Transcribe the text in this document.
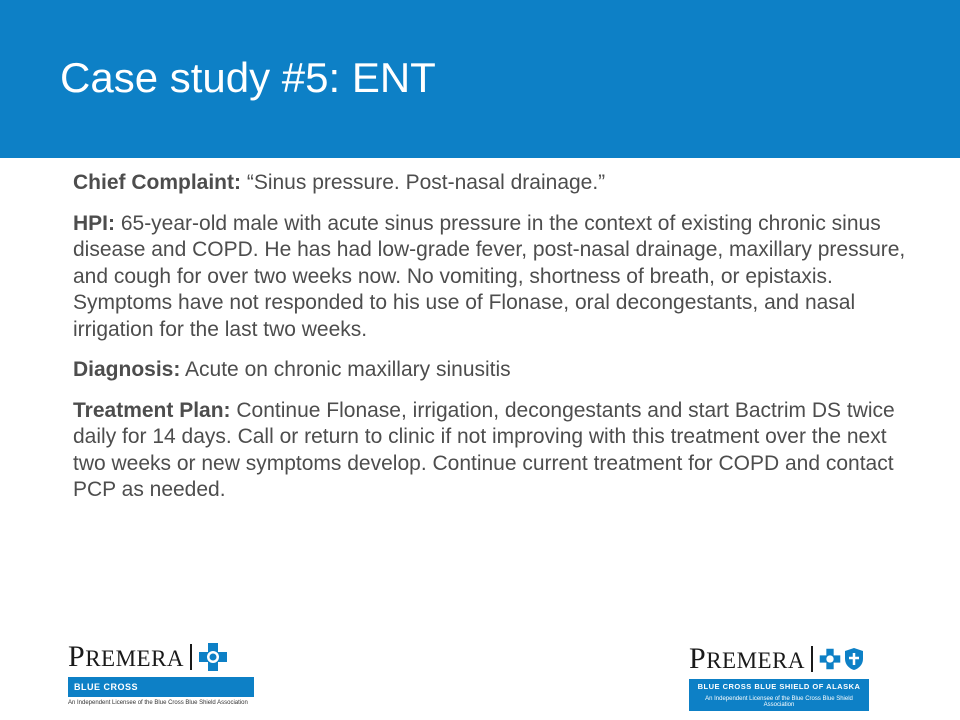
Case study #5: ENT

Chief Complaint: “Sinus pressure. Post-nasal drainage.”

HPI: 65-year-old male with acute sinus pressure in the context of existing chronic sinus disease and COPD. He has had low-grade fever, post-nasal drainage, maxillary pressure, and cough for over two weeks now. No vomiting, shortness of breath, or epistaxis. Symptoms have not responded to his use of Flonase, oral decongestants, and nasal irrigation for the last two weeks.

Diagnosis: Acute on chronic maxillary sinusitis

Treatment Plan: Continue Flonase, irrigation, decongestants and start Bactrim DS twice daily for 14 days. Call or return to clinic if not improving with this treatment over the next two weeks or new symptoms develop. Continue current treatment for COPD and contact PCP as needed.

PREMERA
BLUE CROSS
An Independent Licensee of the Blue Cross Blue Shield Association
PREMERA
BLUE CROSS BLUE SHIELD OF ALASKA
An Independent Licensee of the Blue Cross Blue Shield Association
